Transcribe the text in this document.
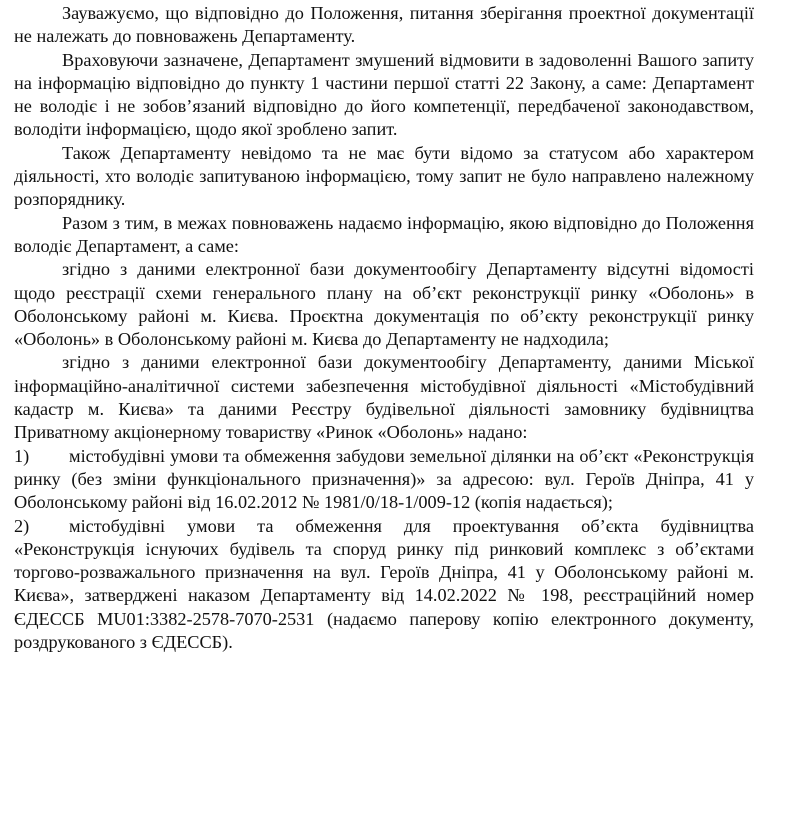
Зауважуємо, що відповідно до Положення, питання зберігання проектної документації не належать до повноважень Департаменту.

Враховуючи зазначене, Департамент змушений відмовити в задоволенні Вашого запиту на інформацію відповідно до пункту 1 частини першої статті 22 Закону, а саме: Департамент не володіє і не зобов’язаний відповідно до його компетенції, передбаченої законодавством, володіти інформацією, щодо якої зроблено запит.

Також Департаменту невідомо та не має бути відомо за статусом або характером діяльності, хто володіє запитуваною інформацією, тому запит не було направлено належному розпоряднику.

Разом з тим, в межах повноважень надаємо інформацію, якою відповідно до Положення володіє Департамент, а саме:

згідно з даними електронної бази документообігу Департаменту відсутні відомості щодо реєстрації схеми генерального плану на об’єкт реконструкції ринку «Оболонь» в Оболонському районі м. Києва. Проєктна документація по об’єкту реконструкції ринку «Оболонь» в Оболонському районі м. Києва до Департаменту не надходила;

згідно з даними електронної бази документообігу Департаменту, даними Міської інформаційно-аналітичної системи забезпечення містобудівної діяльності «Містобудівний кадастр м. Києва» та даними Реєстру будівельної діяльності замовнику будівництва Приватному акціонерному товариству «Ринок «Оболонь» надано:

1) містобудівні умови та обмеження забудови земельної ділянки на об’єкт «Реконструкція ринку (без зміни функціонального призначення)» за адресою: вул. Героїв Дніпра, 41 у Оболонському районі від 16.02.2012 № 1981/0/18-1/009-12 (копія надається);

2) містобудівні умови та обмеження для проектування об’єкта будівництва «Реконструкція існуючих будівель та споруд ринку під ринковий комплекс з об’єктами торгово-розважального призначення на вул. Героїв Дніпра, 41 у Оболонському районі м. Києва», затверджені наказом Департаменту від 14.02.2022 № 198, реєстраційний номер ЄДЕССБ MU01:3382-2578-7070-2531 (надаємо паперову копію електронного документу, роздрукованого з ЄДЕССБ).
